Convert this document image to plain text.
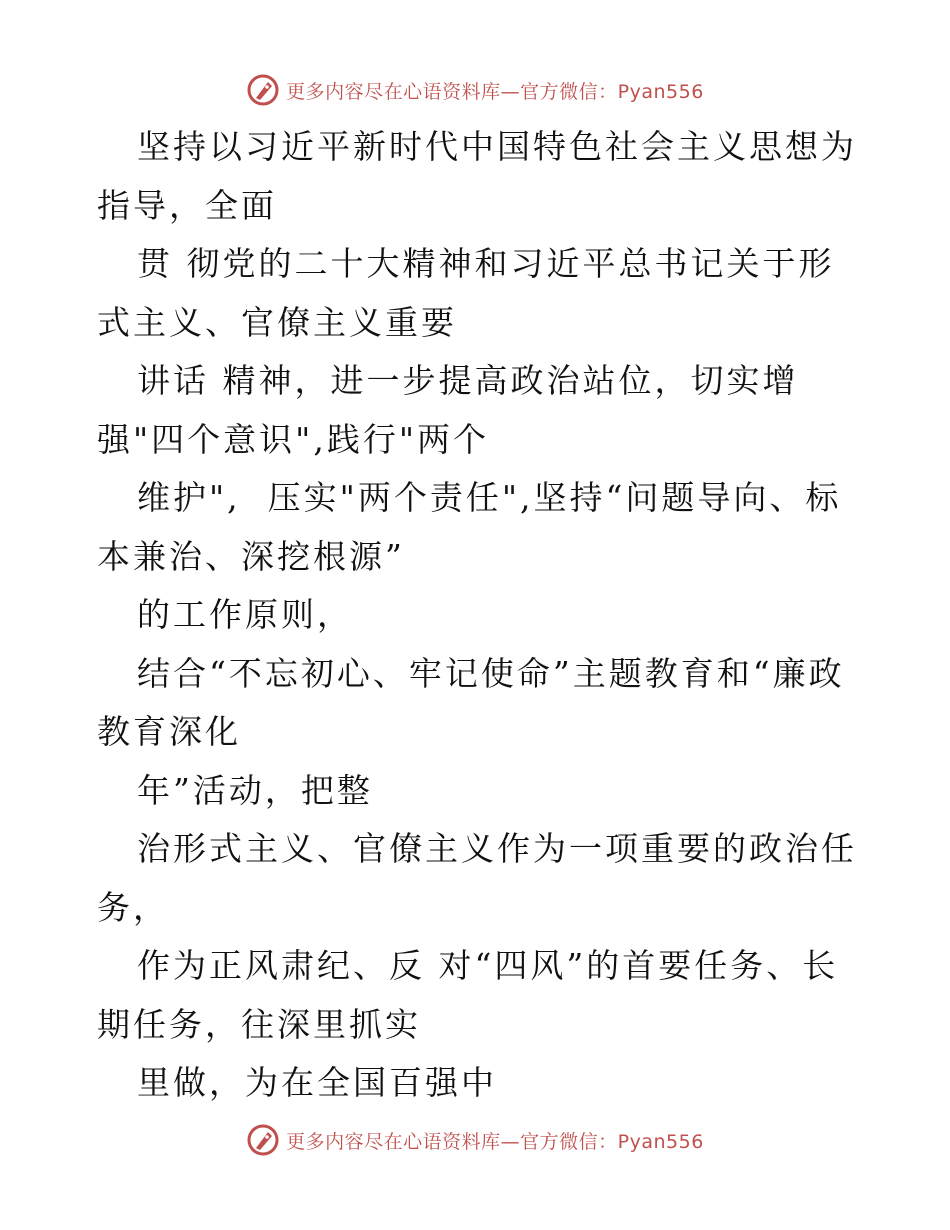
更多内容尽在心语资料库—官方微信：Pyan556

坚持以习近平新时代中国特色社会主义思想为指导，全面

贯 彻党的二十大精神和习近平总书记关于形式主义、官僚主义重要

讲话 精神，进一步提高政治站位，切实增强"四个意识",践行"两个

维护",  压实"两个责任",坚持“问题导向、标本兼治、深挖根源”

的工作原则，

结合“不忘初心、牢记使命”主题教育和“廉政教育深化

年”活动，把整

治形式主义、官僚主义作为一项重要的政治任务，

作为正风肃纪、反 对“四风”的首要任务、长期任务，往深里抓实

里做，为在全国百强中

更多内容尽在心语资料库—官方微信：Pyan556
